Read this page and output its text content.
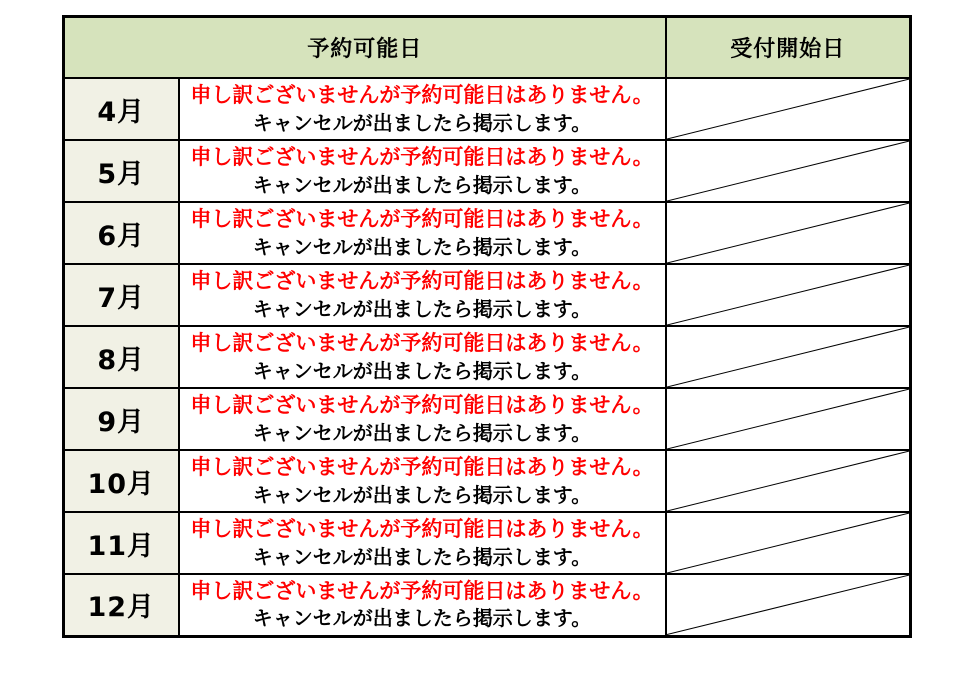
予約可能日		受付開始日
4月	申し訳ございませんが予約可能日はありません。
キャンセルが出ましたら掲示します。

5月	申し訳ございませんが予約可能日はありません。
キャンセルが出ましたら掲示します。

6月	申し訳ございませんが予約可能日はありません。
キャンセルが出ましたら掲示します。

7月	申し訳ございませんが予約可能日はありません。
キャンセルが出ましたら掲示します。

8月	申し訳ございませんが予約可能日はありません。
キャンセルが出ましたら掲示します。

9月	申し訳ございませんが予約可能日はありません。
キャンセルが出ましたら掲示します。

10月	申し訳ございませんが予約可能日はありません。
キャンセルが出ましたら掲示します。

11月	申し訳ございませんが予約可能日はありません。
キャンセルが出ましたら掲示します。

12月	申し訳ございませんが予約可能日はありません。
キャンセルが出ましたら掲示します。
